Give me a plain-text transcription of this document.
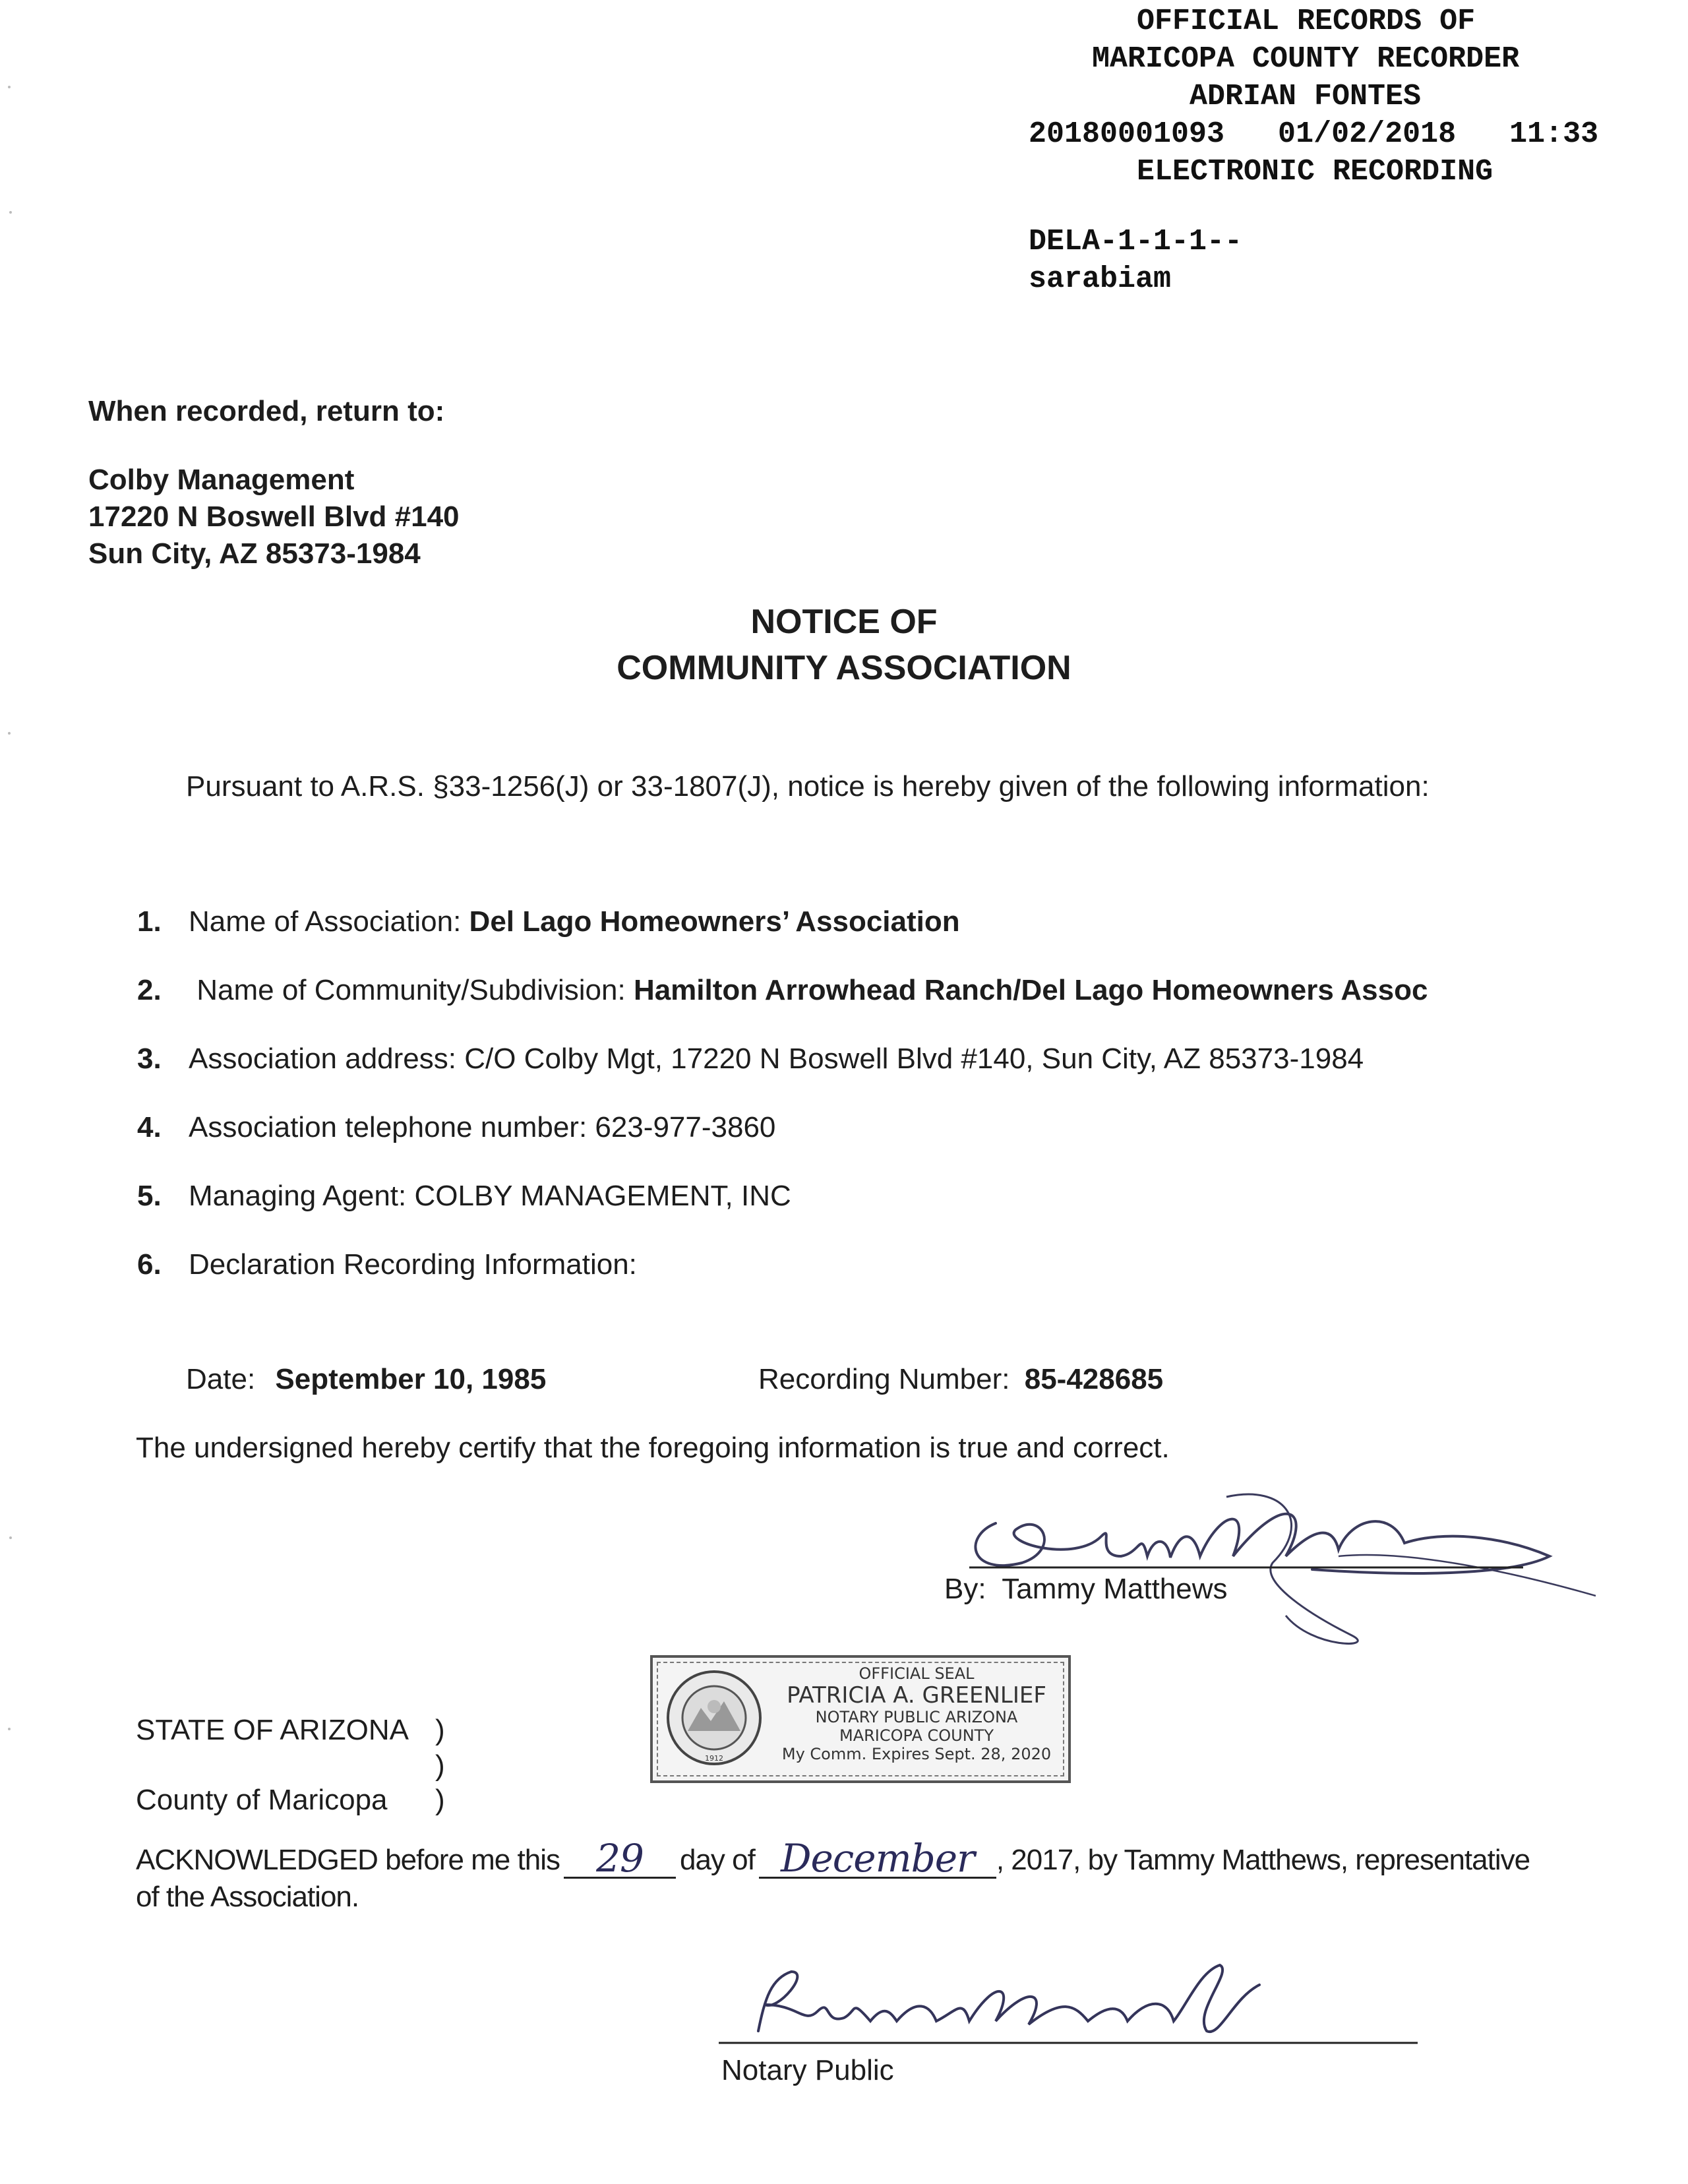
OFFICIAL RECORDS OF
MARICOPA COUNTY RECORDER
ADRIAN FONTES
20180001093   01/02/2018   11:33
ELECTRONIC RECORDING
DELA-1-1-1--
sarabiam
When recorded, return to:
Colby Management
17220 N Boswell Blvd #140
Sun City, AZ 85373-1984
NOTICE OF
COMMUNITY ASSOCIATION
Pursuant to A.R.S. §33-1256(J) or 33-1807(J), notice is hereby given of the following information:
1. Name of Association: Del Lago Homeowners’ Association
2. Name of Community/Subdivision: Hamilton Arrowhead Ranch/Del Lago Homeowners Assoc
3. Association address: C/O Colby Mgt, 17220 N Boswell Blvd #140, Sun City, AZ 85373-1984
4. Association telephone number: 623-977-3860
5. Managing Agent: COLBY MANAGEMENT, INC
6. Declaration Recording Information:
Date: September 10, 1985	Recording Number: 85-428685
The undersigned hereby certify that the foregoing information is true and correct.
By:  Tammy Matthews
1912
OFFICIAL SEAL
PATRICIA A. GREENLIEF
NOTARY PUBLIC ARIZONA
MARICOPA COUNTY
My Comm. Expires Sept. 28, 2020
STATE OF ARIZONA )
)
County of Maricopa )
ACKNOWLEDGED before me this 29	day of December , 2017, by Tammy Matthews, representative
of the Association.
Notary Public
